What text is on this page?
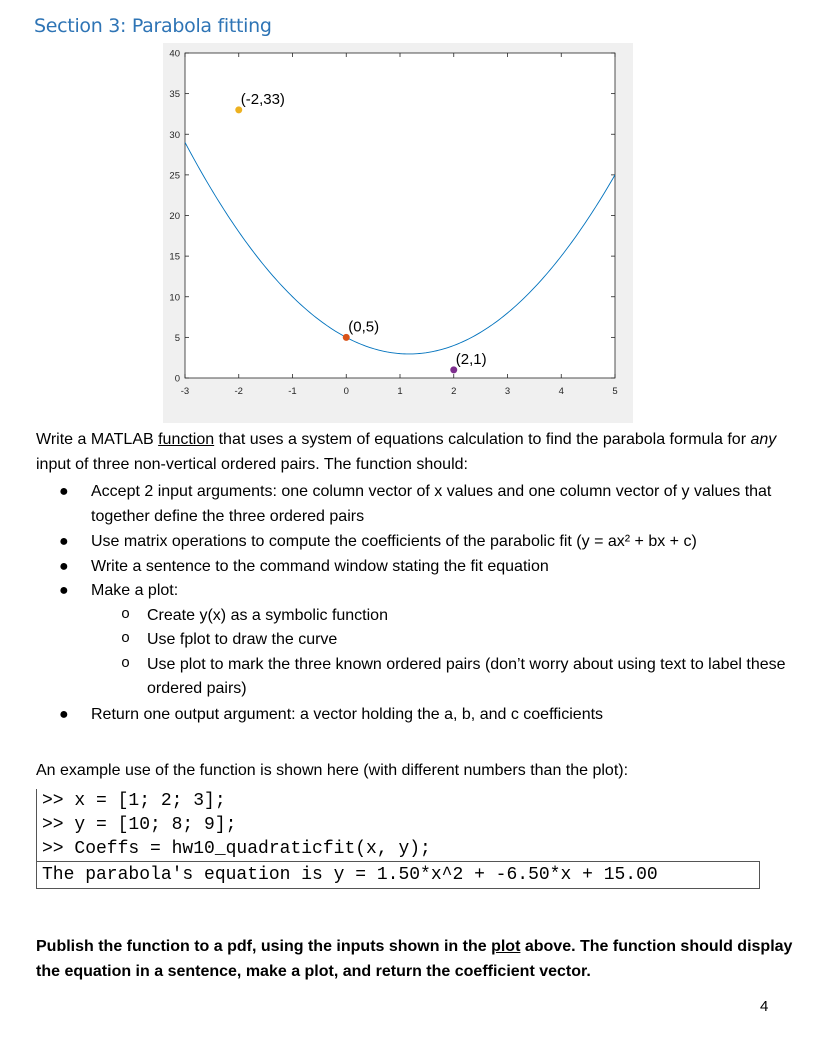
Section 3: Parabola fitting
-3	-2	-1	0	1	2	3	4	5
0
5
10
15
20
25
30
35
40
(-2,33)
(0,5)
(2,1)
Write a MATLAB function that uses a system of equations calculation to find the parabola formula for any input of three non-vertical ordered pairs. The function should:
● Accept 2 input arguments: one column vector of x values and one column vector of y values that together define the three ordered pairs
● Use matrix operations to compute the coefficients of the parabolic fit (y = ax² + bx + c)
● Write a sentence to the command window stating the fit equation
● Make a plot:
o Create y(x) as a symbolic function
o Use fplot to draw the curve
o Use plot to mark the three known ordered pairs (don’t worry about using text to label these ordered pairs)
● Return one output argument: a vector holding the a, b, and c coefficients
An example use of the function is shown here (with different numbers than the plot):
>> x = [1; 2; 3];
>> y = [10; 8; 9];
>> Coeffs = hw10_quadraticfit(x, y);
The parabola's equation is y = 1.50*x^2 + -6.50*x + 15.00
Publish the function to a pdf, using the inputs shown in the plot above. The function should display the equation in a sentence, make a plot, and return the coefficient vector.
4
